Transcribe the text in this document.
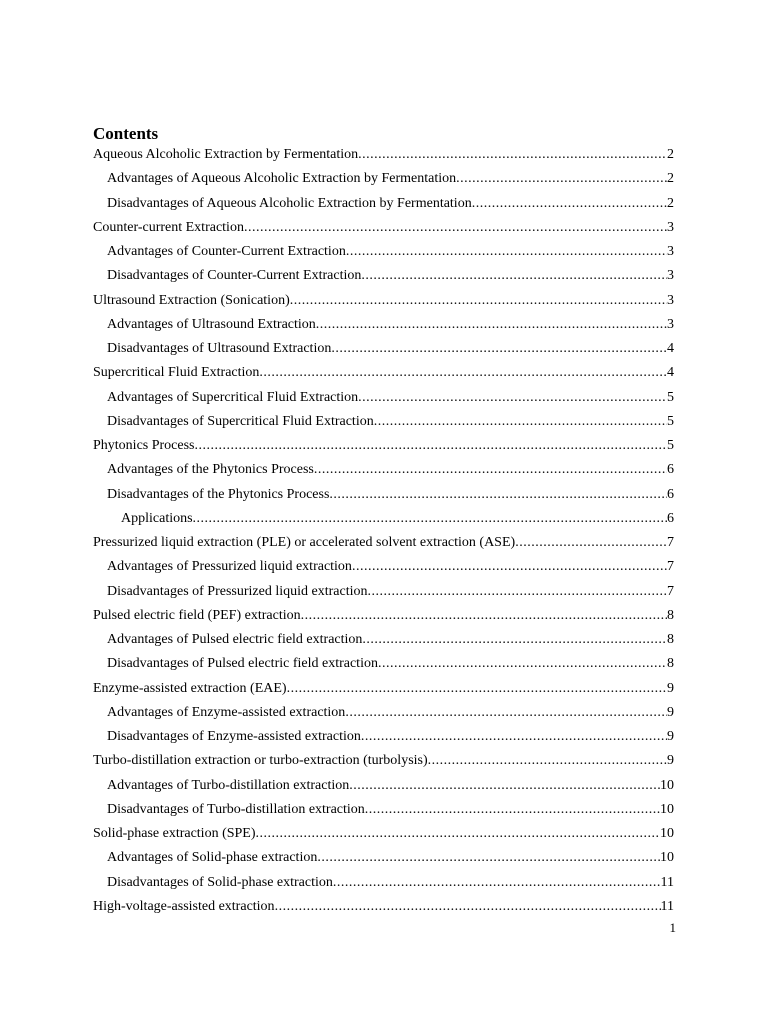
Contents
Aqueous Alcoholic Extraction by Fermentation .....	2
Advantages of Aqueous Alcoholic Extraction by Fermentation .....	2
Disadvantages of Aqueous Alcoholic Extraction by Fermentation .....	2
Counter-current Extraction .....	3
Advantages of Counter-Current Extraction .....	3
Disadvantages of Counter-Current Extraction .....	3
Ultrasound Extraction (Sonication) .....	3
Advantages of Ultrasound Extraction .....	3
Disadvantages of Ultrasound Extraction .....	4
Supercritical Fluid Extraction .....	4
Advantages of Supercritical Fluid Extraction .....	5
Disadvantages of Supercritical Fluid Extraction .....	5
Phytonics Process .....	5
Advantages of the Phytonics Process .....	6
Disadvantages of the Phytonics Process .....	6
Applications .....	6
Pressurized liquid extraction (PLE) or accelerated solvent extraction (ASE) .....	7
Advantages of Pressurized liquid extraction .....	7
Disadvantages of Pressurized liquid extraction .....	7
Pulsed electric field (PEF) extraction .....	8
Advantages of Pulsed electric field extraction .....	8
Disadvantages of Pulsed electric field extraction .....	8
Enzyme-assisted extraction (EAE) .....	9
Advantages of Enzyme-assisted extraction .....	9
Disadvantages of Enzyme-assisted extraction .....	9
Turbo-distillation extraction or turbo-extraction (turbolysis) .....	9
Advantages of Turbo-distillation extraction .....	10
Disadvantages of Turbo-distillation extraction .....	10
Solid-phase extraction (SPE) .....	10
Advantages of Solid-phase extraction .....	10
Disadvantages of Solid-phase extraction .....	11
High-voltage-assisted extraction .....	11
1
